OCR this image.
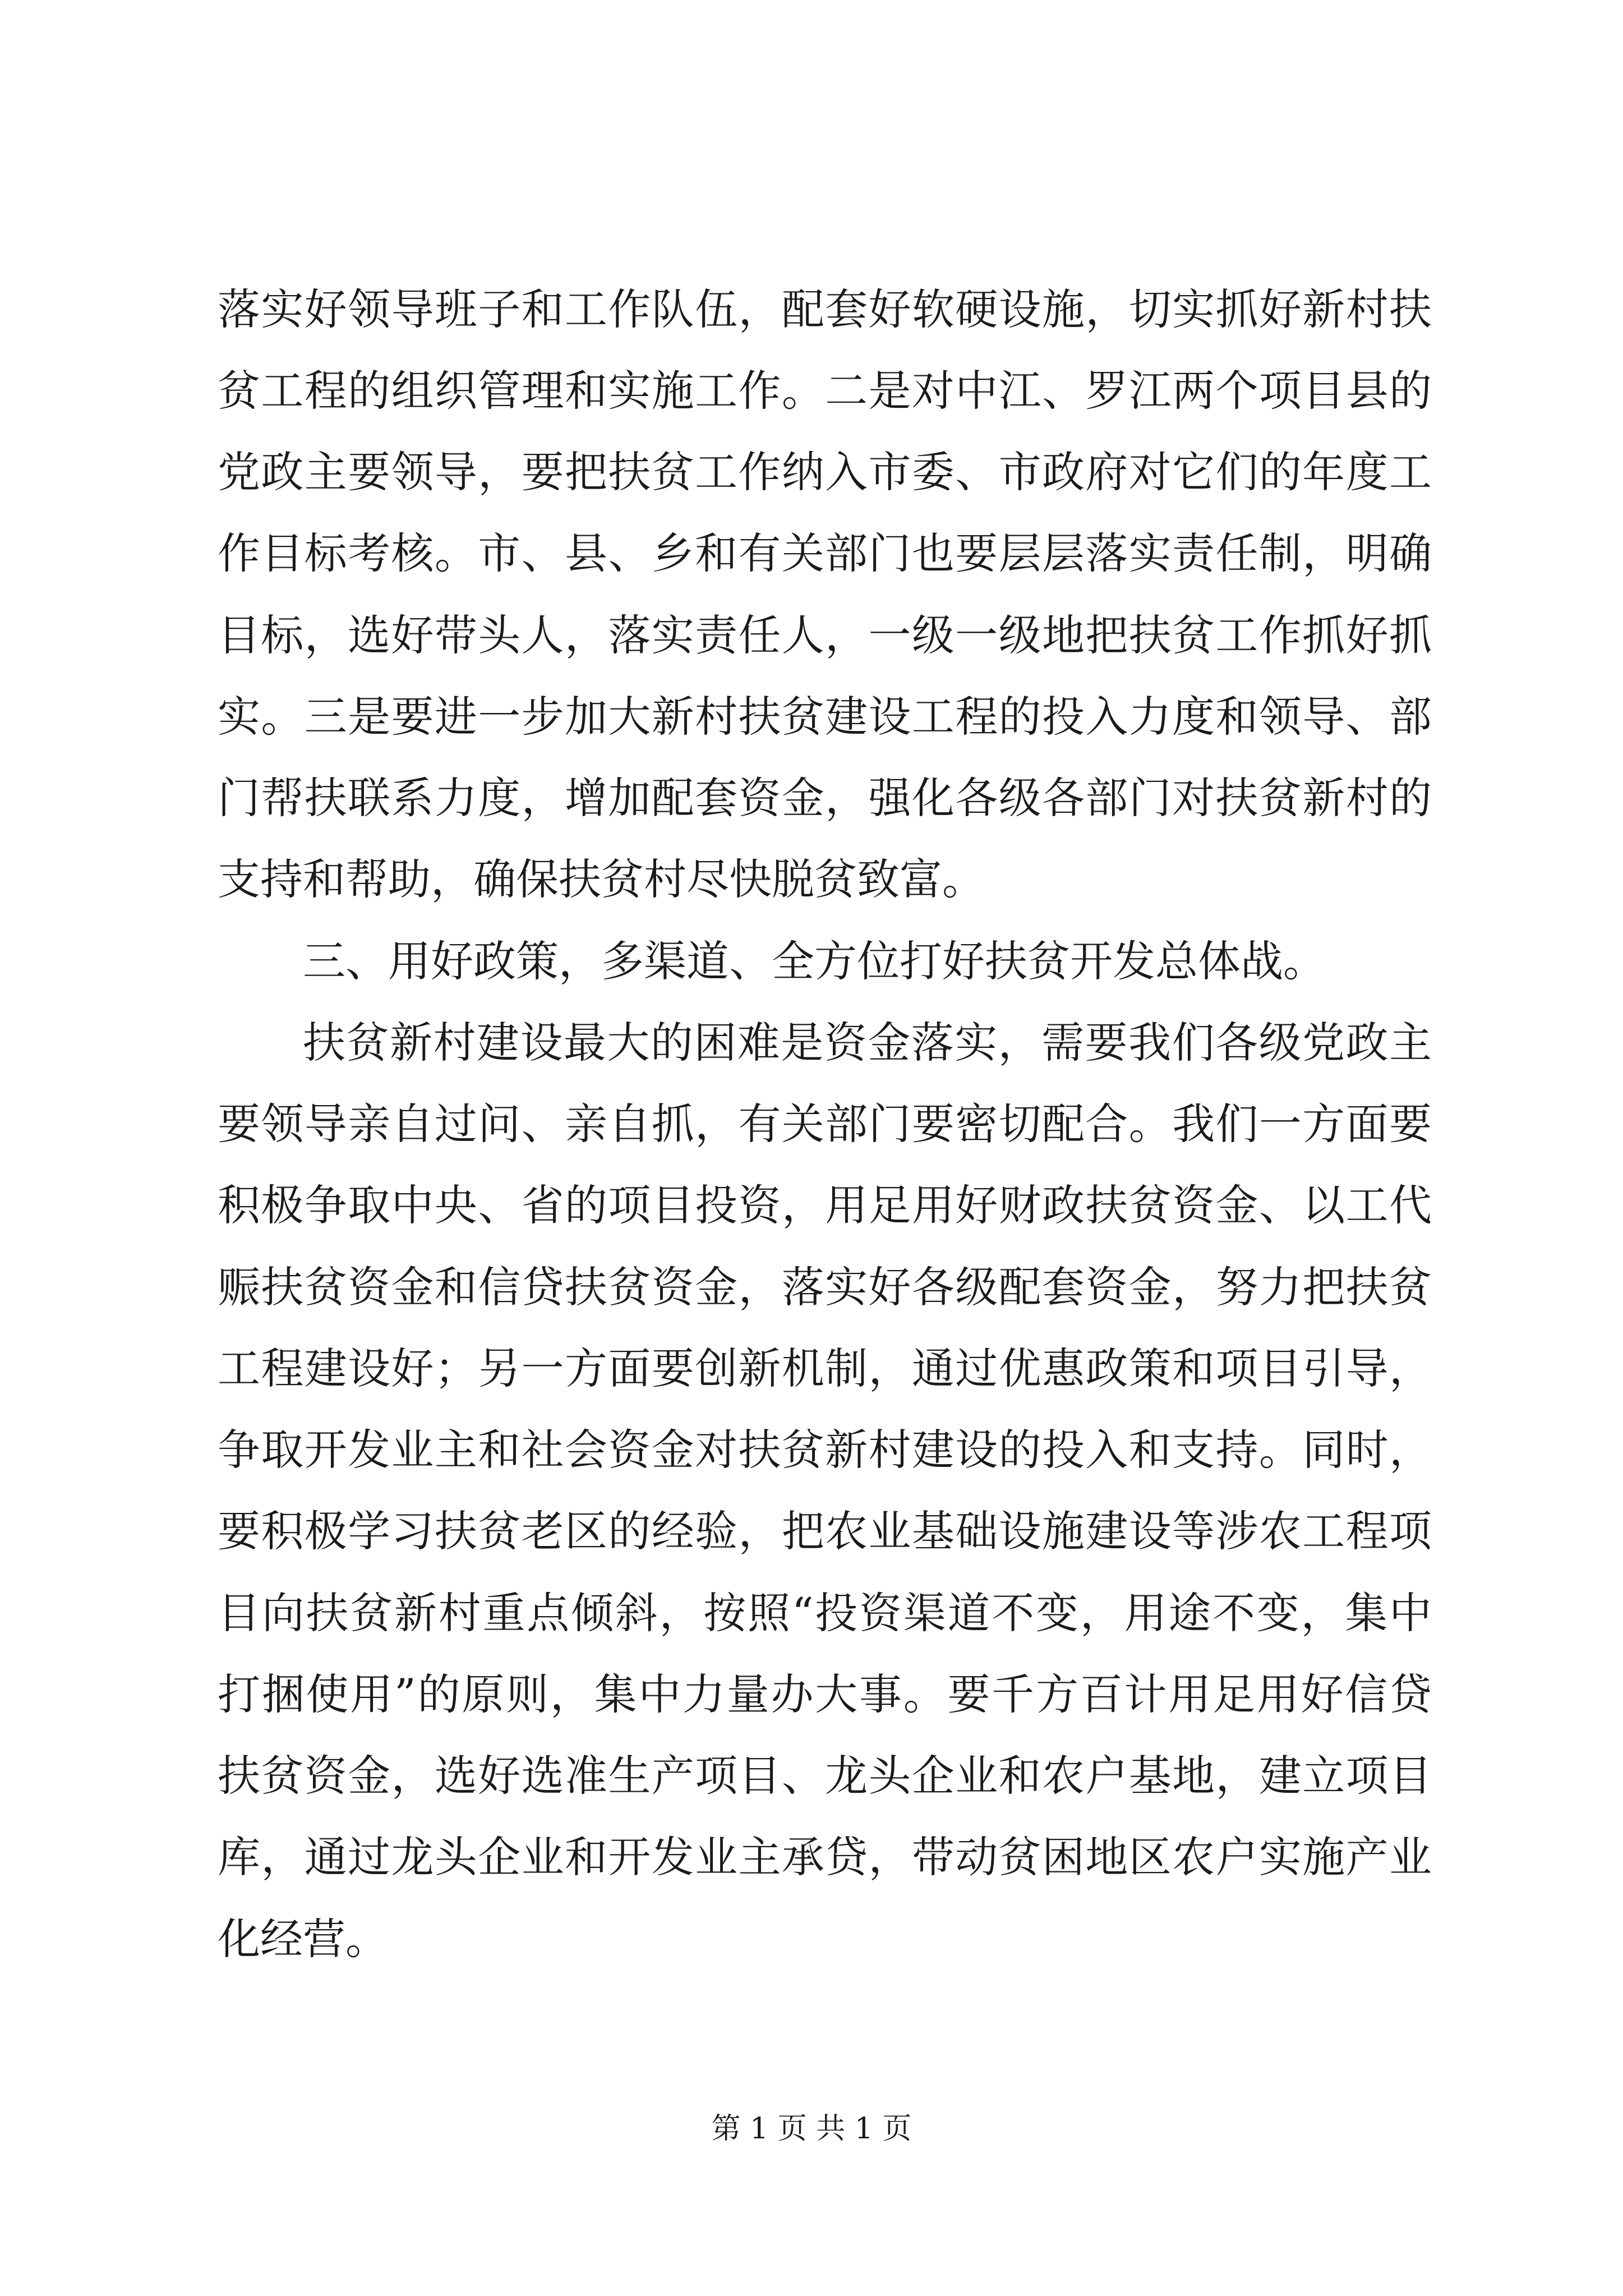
落实好领导班子和工作队伍，配套好软硬设施，切实抓好新村扶
贫工程的组织管理和实施工作。二是对中江、罗江两个项目县的
党政主要领导，要把扶贫工作纳入市委、市政府对它们的年度工
作目标考核。市、县、乡和有关部门也要层层落实责任制，明确
目标，选好带头人，落实责任人，一级一级地把扶贫工作抓好抓
实。三是要进一步加大新村扶贫建设工程的投入力度和领导、部
门帮扶联系力度，增加配套资金，强化各级各部门对扶贫新村的
支持和帮助，确保扶贫村尽快脱贫致富。
三、用好政策，多渠道、全方位打好扶贫开发总体战。
扶贫新村建设最大的困难是资金落实，需要我们各级党政主
要领导亲自过问、亲自抓，有关部门要密切配合。我们一方面要
积极争取中央、省的项目投资，用足用好财政扶贫资金、以工代
赈扶贫资金和信贷扶贫资金，落实好各级配套资金，努力把扶贫
工程建设好；另一方面要创新机制，通过优惠政策和项目引导，
争取开发业主和社会资金对扶贫新村建设的投入和支持。同时，
要积极学习扶贫老区的经验，把农业基础设施建设等涉农工程项
目向扶贫新村重点倾斜，按照“投资渠道不变，用途不变，集中
打捆使用”的原则，集中力量办大事。要千方百计用足用好信贷
扶贫资金，选好选准生产项目、龙头企业和农户基地，建立项目
库，通过龙头企业和开发业主承贷，带动贫困地区农户实施产业
化经营。
第 1 页 共 1 页
